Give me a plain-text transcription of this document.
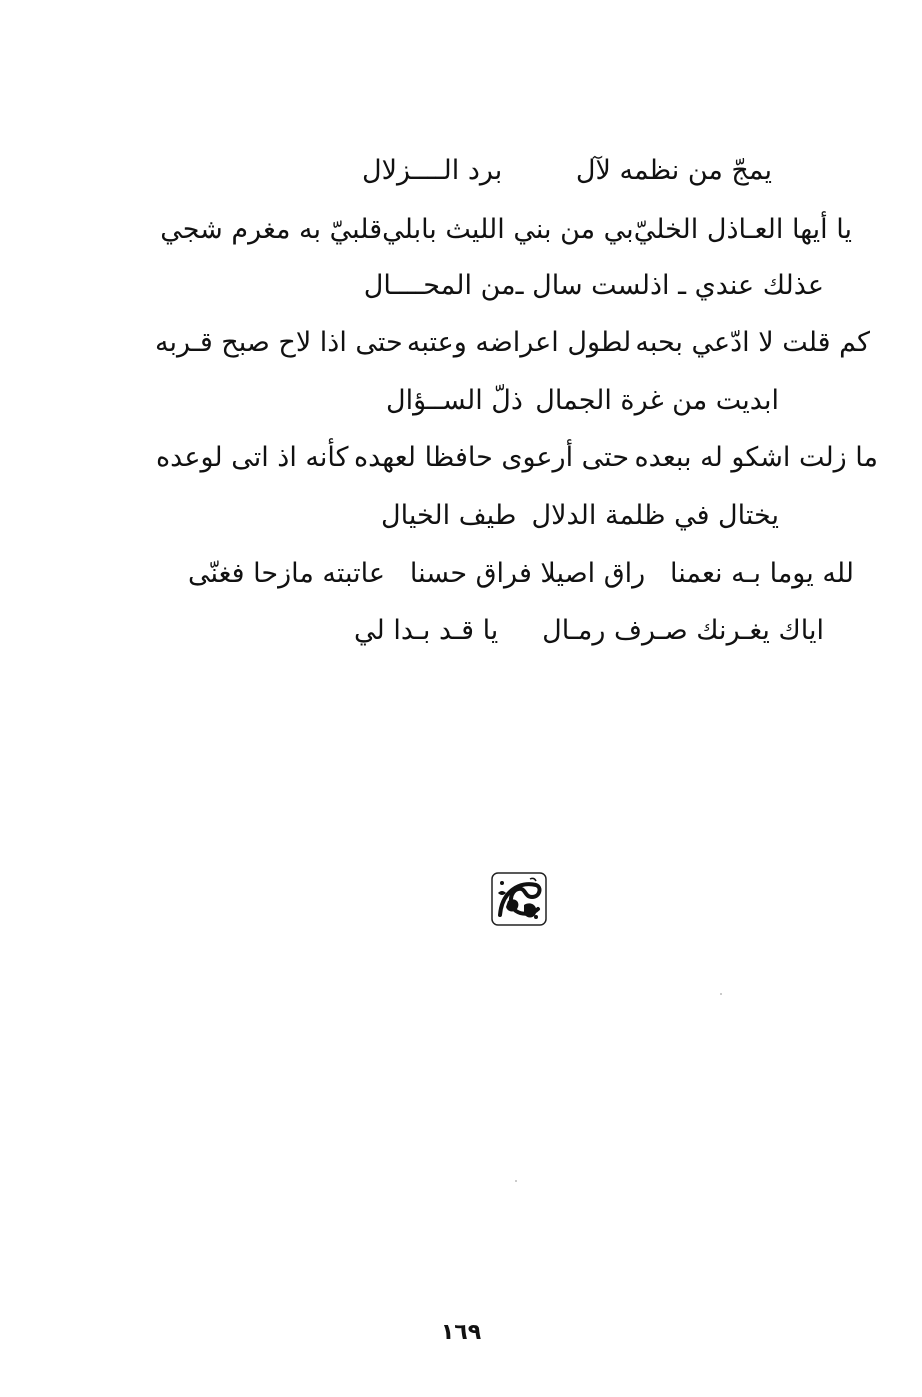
يمجّ من نظمه لآل
برد الــــزلال
يا أيها العـاذل الخليّ
بي من بني الليث بابلي
قلبيّ به مغرم شجي
عذلك عندي ـ اذلست سال ـ
من المحــــال
كم قلت لا ادّعي بحبه
لطول اعراضه وعتبه
حتى اذا لاح صبح قـربه
ابديت من غرة الجمال
ذلّ الســؤال
ما زلت اشكو له ببعده
حتى أرعوى حافظا لعهده
كأنه اذ اتى لوعده
يختال في ظلمة الدلال
طيف الخيال
لله يوما بـه نعمنا
راق اصيلا فراق حسنا
عاتبته مازحا فغنّى
اياك يغـرنك صـرف رمـال
يا قـد بـدا لي
١٦٩
